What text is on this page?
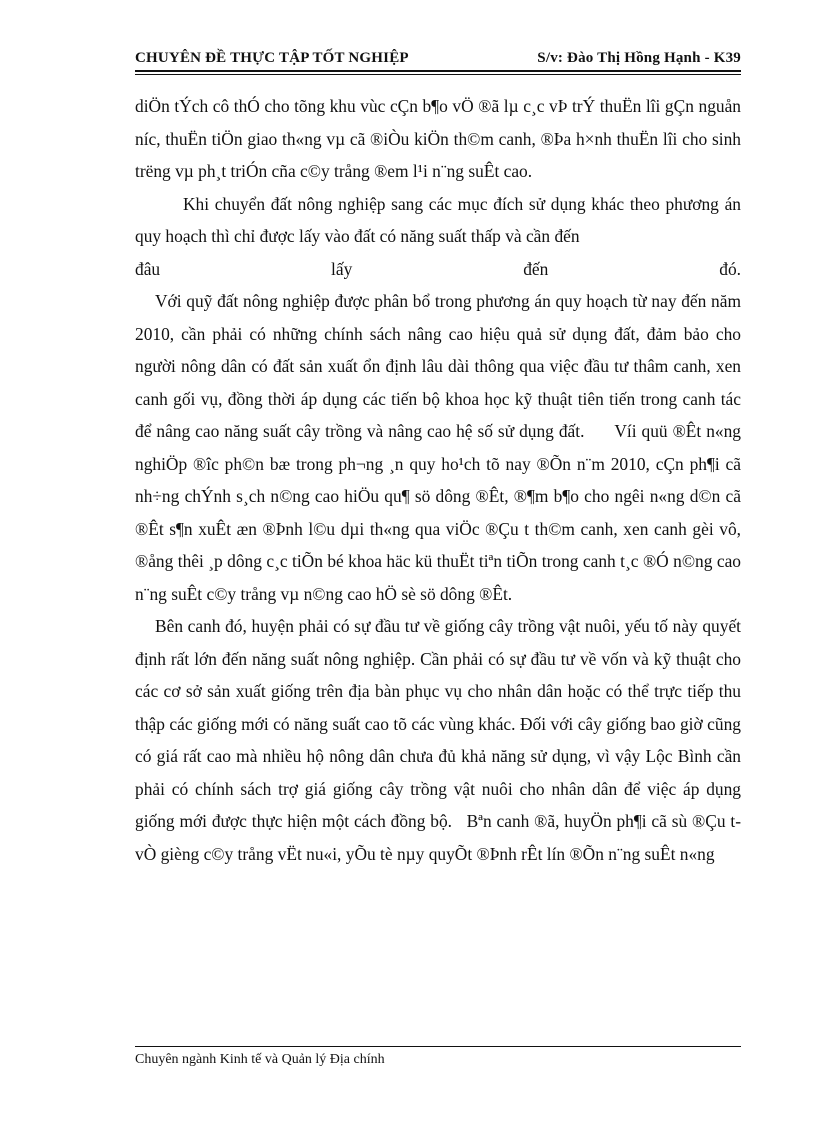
CHUYÊN ĐỀ THỰC TẬP TỐT NGHIỆP	S/v: Đào Thị Hồng Hạnh - K39

diÖn tÝch cô thÓ cho tõng khu vùc cÇn b¶o vÖ ®ã lµ c¸c vÞ trÝ thuËn lîi gÇn nguån níc, thuËn tiÖn giao th«ng vµ cã ®iÒu kiÖn th©m canh, ®Þa h×nh thuËn lîi cho sinh trëng vµ ph¸t triÓn cña c©y trång ®em l¹i n¨ng suÊt cao.

Khi chuyển đất nông nghiệp sang các mục đích sử dụng khác theo phương án quy hoạch thì chỉ được lấy vào đất có năng suất thấp và cần đến

đâu lấy đến đó.

Với quỹ đất nông nghiệp được phân bổ trong phương án quy hoạch từ nay đến năm 2010, cần phải có những chính sách nâng cao hiệu quả sử dụng đất, đảm bảo cho người nông dân có đất sản xuất ổn định lâu dài thông qua việc đầu tư thâm canh, xen canh gối vụ, đồng thời áp dụng các tiến bộ khoa học kỹ thuật tiên tiến trong canh tác để nâng cao năng suất cây trồng và nâng cao hệ số sử dụng đất. Víi quü ®Êt n«ng nghiÖp ®îc ph©n bæ trong ph¬ng ¸n quy ho¹ch tõ nay ®Õn n¨m 2010, cÇn ph¶i cã nh÷ng chÝnh s¸ch n©ng cao hiÖu qu¶ sö dông ®Êt, ®¶m b¶o cho ngêi n«ng d©n cã ®Êt s¶n xuÊt æn ®Þnh l©u dµi th«ng qua viÖc ®Çu t th©m canh, xen canh gèi vô, ®ång thêi ¸p dông c¸c tiÕn bé khoa häc kü thuËt tiªn tiÕn trong canh t¸c ®Ó n©ng cao n¨ng suÊt c©y trång vµ n©ng cao hÖ sè sö dông ®Êt.

Bên canh đó, huyện phải có sự đầu tư về giống cây trồng vật nuôi, yếu tố này quyết định rất lớn đến năng suất nông nghiệp. Cần phải có sự đầu tư về vốn và kỹ thuật cho các cơ sở sản xuất giống trên địa bàn phục vụ cho nhân dân hoặc có thể trực tiếp thu thập các giống mới có năng suất cao tõ các vùng khác. Đối với cây giống bao giờ cũng có giá rất cao mà nhiều hộ nông dân chưa đủ khả năng sử dụng, vì vậy Lộc Bình cần phải có chính sách trợ giá giống cây trồng vật nuôi cho nhân dân để việc áp dụng giống mới được thực hiện một cách đồng bộ. Bªn canh ®ã, huyÖn ph¶i cã sù ®Çu t vÒ gièng c©y trång vËt nu«i, yÕu tè nµy quyÕt ®Þnh rÊt lín ®Õn n¨ng suÊt n«ng

Chuyên ngành Kinh tế và Quản lý Địa chính
